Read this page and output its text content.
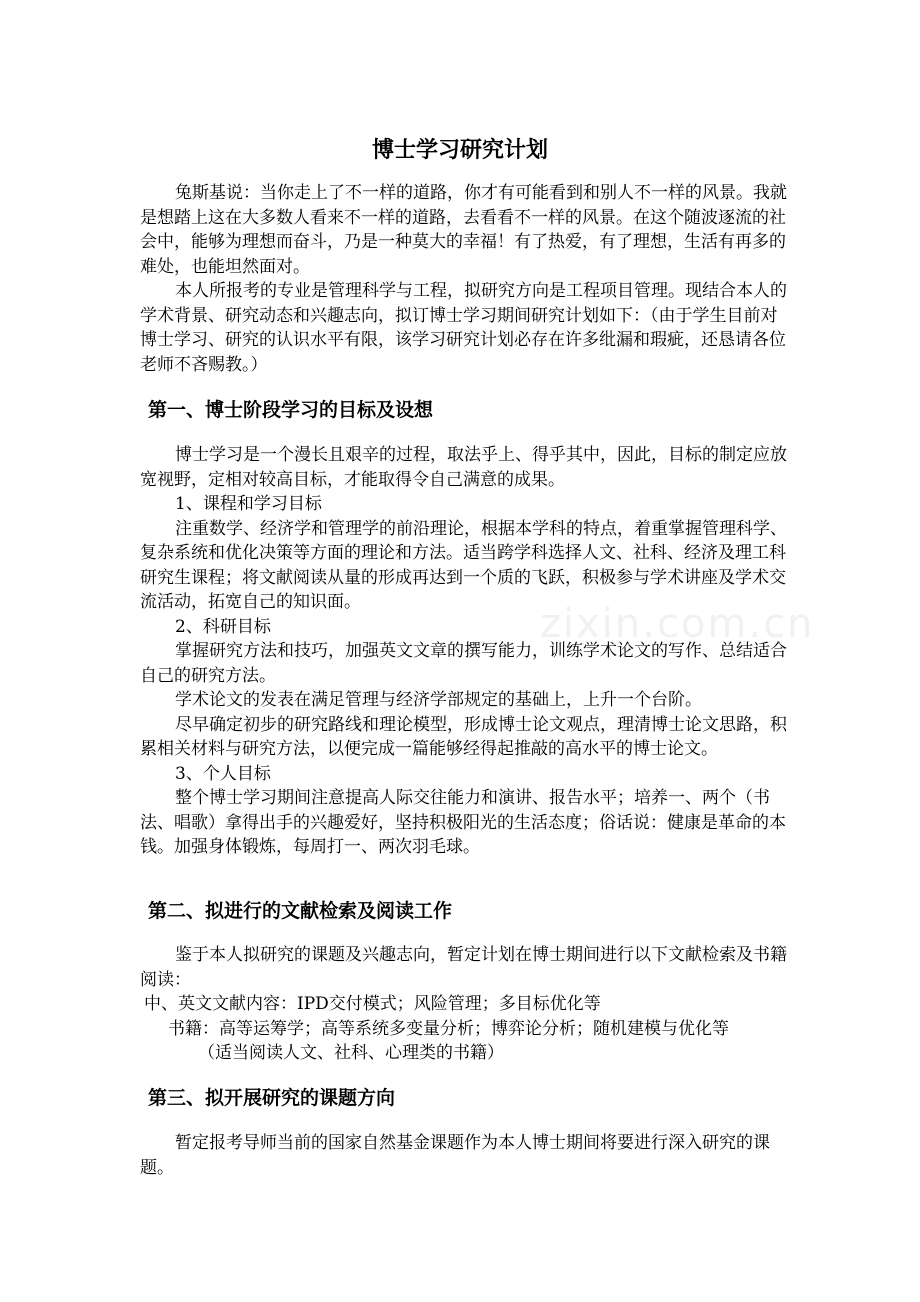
zixin.com.cn
博士学习研究计划

兔斯基说：当你走上了不一样的道路，你才有可能看到和别人不一样的风景。我就是想踏上这在大多数人看来不一样的道路，去看看不一样的风景。在这个随波逐流的社会中，能够为理想而奋斗，乃是一种莫大的幸福！有了热爱，有了理想，生活有再多的难处，也能坦然面对。

本人所报考的专业是管理科学与工程，拟研究方向是工程项目管理。现结合本人的学术背景、研究动态和兴趣志向，拟订博士学习期间研究计划如下：（由于学生目前对博士学习、研究的认识水平有限，该学习研究计划必存在许多纰漏和瑕疵，还恳请各位老师不吝赐教。）

第一、博士阶段学习的目标及设想

博士学习是一个漫长且艰辛的过程，取法乎上、得乎其中，因此，目标的制定应放宽视野，定相对较高目标，才能取得令自己满意的成果。

1、课程和学习目标

注重数学、经济学和管理学的前沿理论，根据本学科的特点，着重掌握管理科学、复杂系统和优化决策等方面的理论和方法。适当跨学科选择人文、社科、经济及理工科研究生课程；将文献阅读从量的形成再达到一个质的飞跃，积极参与学术讲座及学术交流活动，拓宽自己的知识面。

2、科研目标

掌握研究方法和技巧，加强英文文章的撰写能力，训练学术论文的写作、总结适合自己的研究方法。

学术论文的发表在满足管理与经济学部规定的基础上，上升一个台阶。

尽早确定初步的研究路线和理论模型，形成博士论文观点，理清博士论文思路，积累相关材料与研究方法，以便完成一篇能够经得起推敲的高水平的博士论文。

3、个人目标

整个博士学习期间注意提高人际交往能力和演讲、报告水平；培养一、两个（书法、唱歌）拿得出手的兴趣爱好，坚持积极阳光的生活态度；俗话说：健康是革命的本钱。加强身体锻炼，每周打一、两次羽毛球。

第二、拟进行的文献检索及阅读工作

鉴于本人拟研究的课题及兴趣志向，暂定计划在博士期间进行以下文献检索及书籍阅读：

中、英文文献内容：IPD交付模式；风险管理；多目标优化等

书籍：高等运筹学；高等系统多变量分析；博弈论分析；随机建模与优化等

（适当阅读人文、社科、心理类的书籍）

第三、拟开展研究的课题方向

暂定报考导师当前的国家自然基金课题作为本人博士期间将要进行深入研究的课题。
